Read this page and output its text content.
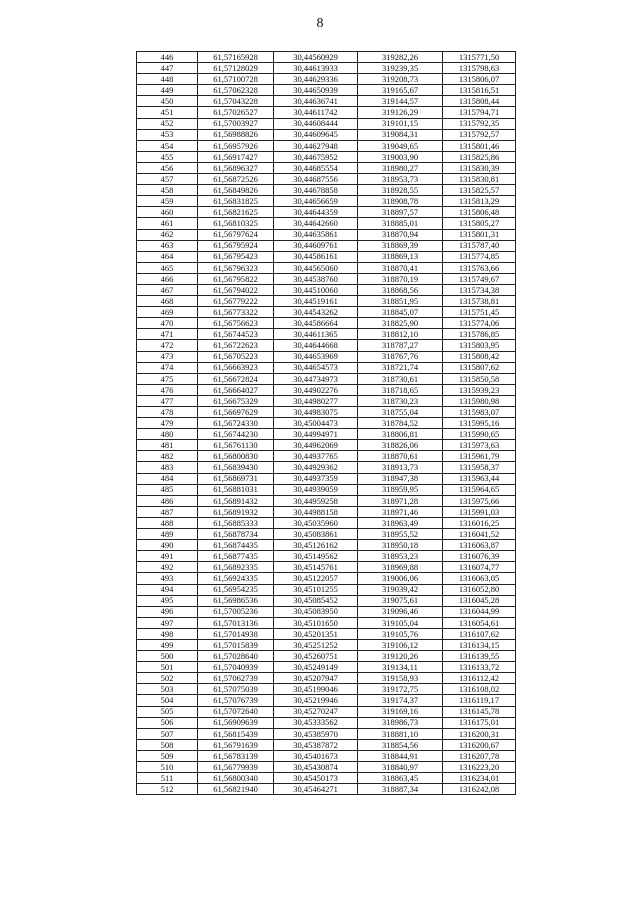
8
446	61,57165928	30,44560929	319282,26	1315771,50
447	61,57128029	30,44613933	319239,35	1315798,63
448	61,57100728	30,44629336	319208,73	1315806,07
449	61,57062328	30,44650939	319165,67	1315816,51
450	61,57043228	30,44636741	319144,57	1315808,44
451	61,57026527	30,44611742	319126,29	1315794,71
452	61,57003927	30,44608444	319101,15	1315792,35
453	61,56988826	30,44609645	319084,31	1315792,57
454	61,56957926	30,44627948	319049,65	1315801,46
455	61,56917427	30,44675952	319003,90	1315825,86
456	61,56896327	30,44685554	318980,27	1315830,39
457	61,56872526	30,44687556	318953,73	1315830,81
458	61,56849826	30,44678858	318928,55	1315825,57
459	61,56831825	30,44656659	318908,78	1315813,29
460	61,56821625	30,44644359	318897,57	1315806,48
461	61,56810325	30,44642660	318885,01	1315805,27
462	61,56797624	30,44635861	318870,94	1315801,31
463	61,56795924	30,44609761	318869,39	1315787,40
464	61,56795423	30,44586161	318869,13	1315774,85
465	61,56796323	30,44565060	318870,41	1315763,66
466	61,56795822	30,44538760	318870,19	1315749,67
467	61,56794022	30,44510060	318868,56	1315734,38
468	61,56779222	30,44519161	318851,95	1315738,81
469	61,56773322	30,44543262	318845,07	1315751,45
470	61,56756623	30,44586664	318825,90	1315774,06
471	61,56744523	30,44611365	318812,10	1315786,85
472	61,56722623	30,44644668	318787,27	1315803,95
473	61,56705223	30,44653969	318767,76	1315808,42
474	61,56663923	30,44654573	318721,74	1315807,62
475	61,56672824	30,44734973	318730,61	1315850,58
476	61,56664027	30,44902276	318718,65	1315939,23
477	61,56675329	30,44980277	318730,23	1315980,98
478	61,56697629	30,44983075	318755,04	1315983,07
479	61,56724330	30,45004473	318784,52	1315995,16
480	61,56744230	30,44994971	318806,81	1315990,65
481	61,56761130	30,44962069	318826,06	1315973,63
482	61,56800830	30,44937765	318870,61	1315961,79
483	61,56839430	30,44929362	318913,73	1315958,37
484	61,56869731	30,44937359	318947,38	1315963,44
485	61,56881031	30,44939059	318959,95	1315964,65
486	61,56891432	30,44959258	318971,28	1315975,66
487	61,56891932	30,44988158	318971,46	1315991,03
488	61,56885333	30,45035960	318963,49	1316016,25
489	61,56878734	30,45083861	318955,52	1316041,52
490	61,56874435	30,45126162	318950,18	1316063,87
491	61,56877435	30,45149562	318953,23	1316076,39
492	61,56892335	30,45145761	318969,88	1316074,77
493	61,56924335	30,45122057	319006,06	1316063,05
494	61,56954235	30,45101255	319039,42	1316052,80
495	61,56986536	30,45085452	319075,61	1316045,28
496	61,57005236	30,45083950	319096,46	1316044,99
497	61,57013136	30,45101650	319105,04	1316054,61
498	61,57014938	30,45201351	319105,76	1316107,62
499	61,57015839	30,45251252	319106,12	1316134,15
500	61,57028640	30,45260751	319120,26	1316139,55
501	61,57040939	30,45249149	319134,11	1316133,72
502	61,57062739	30,45207947	319158,93	1316112,42
503	61,57075039	30,45199046	319172,75	1316108,02
504	61,57076739	30,45219946	319174,37	1316119,17
505	61,57072640	30,45270247	319169,16	1316145,78
506	61,56909639	30,45333562	318986,73	1316175,01
507	61,56815439	30,45385970	318881,10	1316200,31
508	61,56791639	30,45387872	318854,56	1316200,67
509	61,56783139	30,45401673	318844,91	1316207,78
510	61,56779939	30,45430874	318840,97	1316223,20
511	61,56800340	30,45450173	318863,45	1316234,01
512	61,56821940	30,45464271	318887,34	1316242,08
